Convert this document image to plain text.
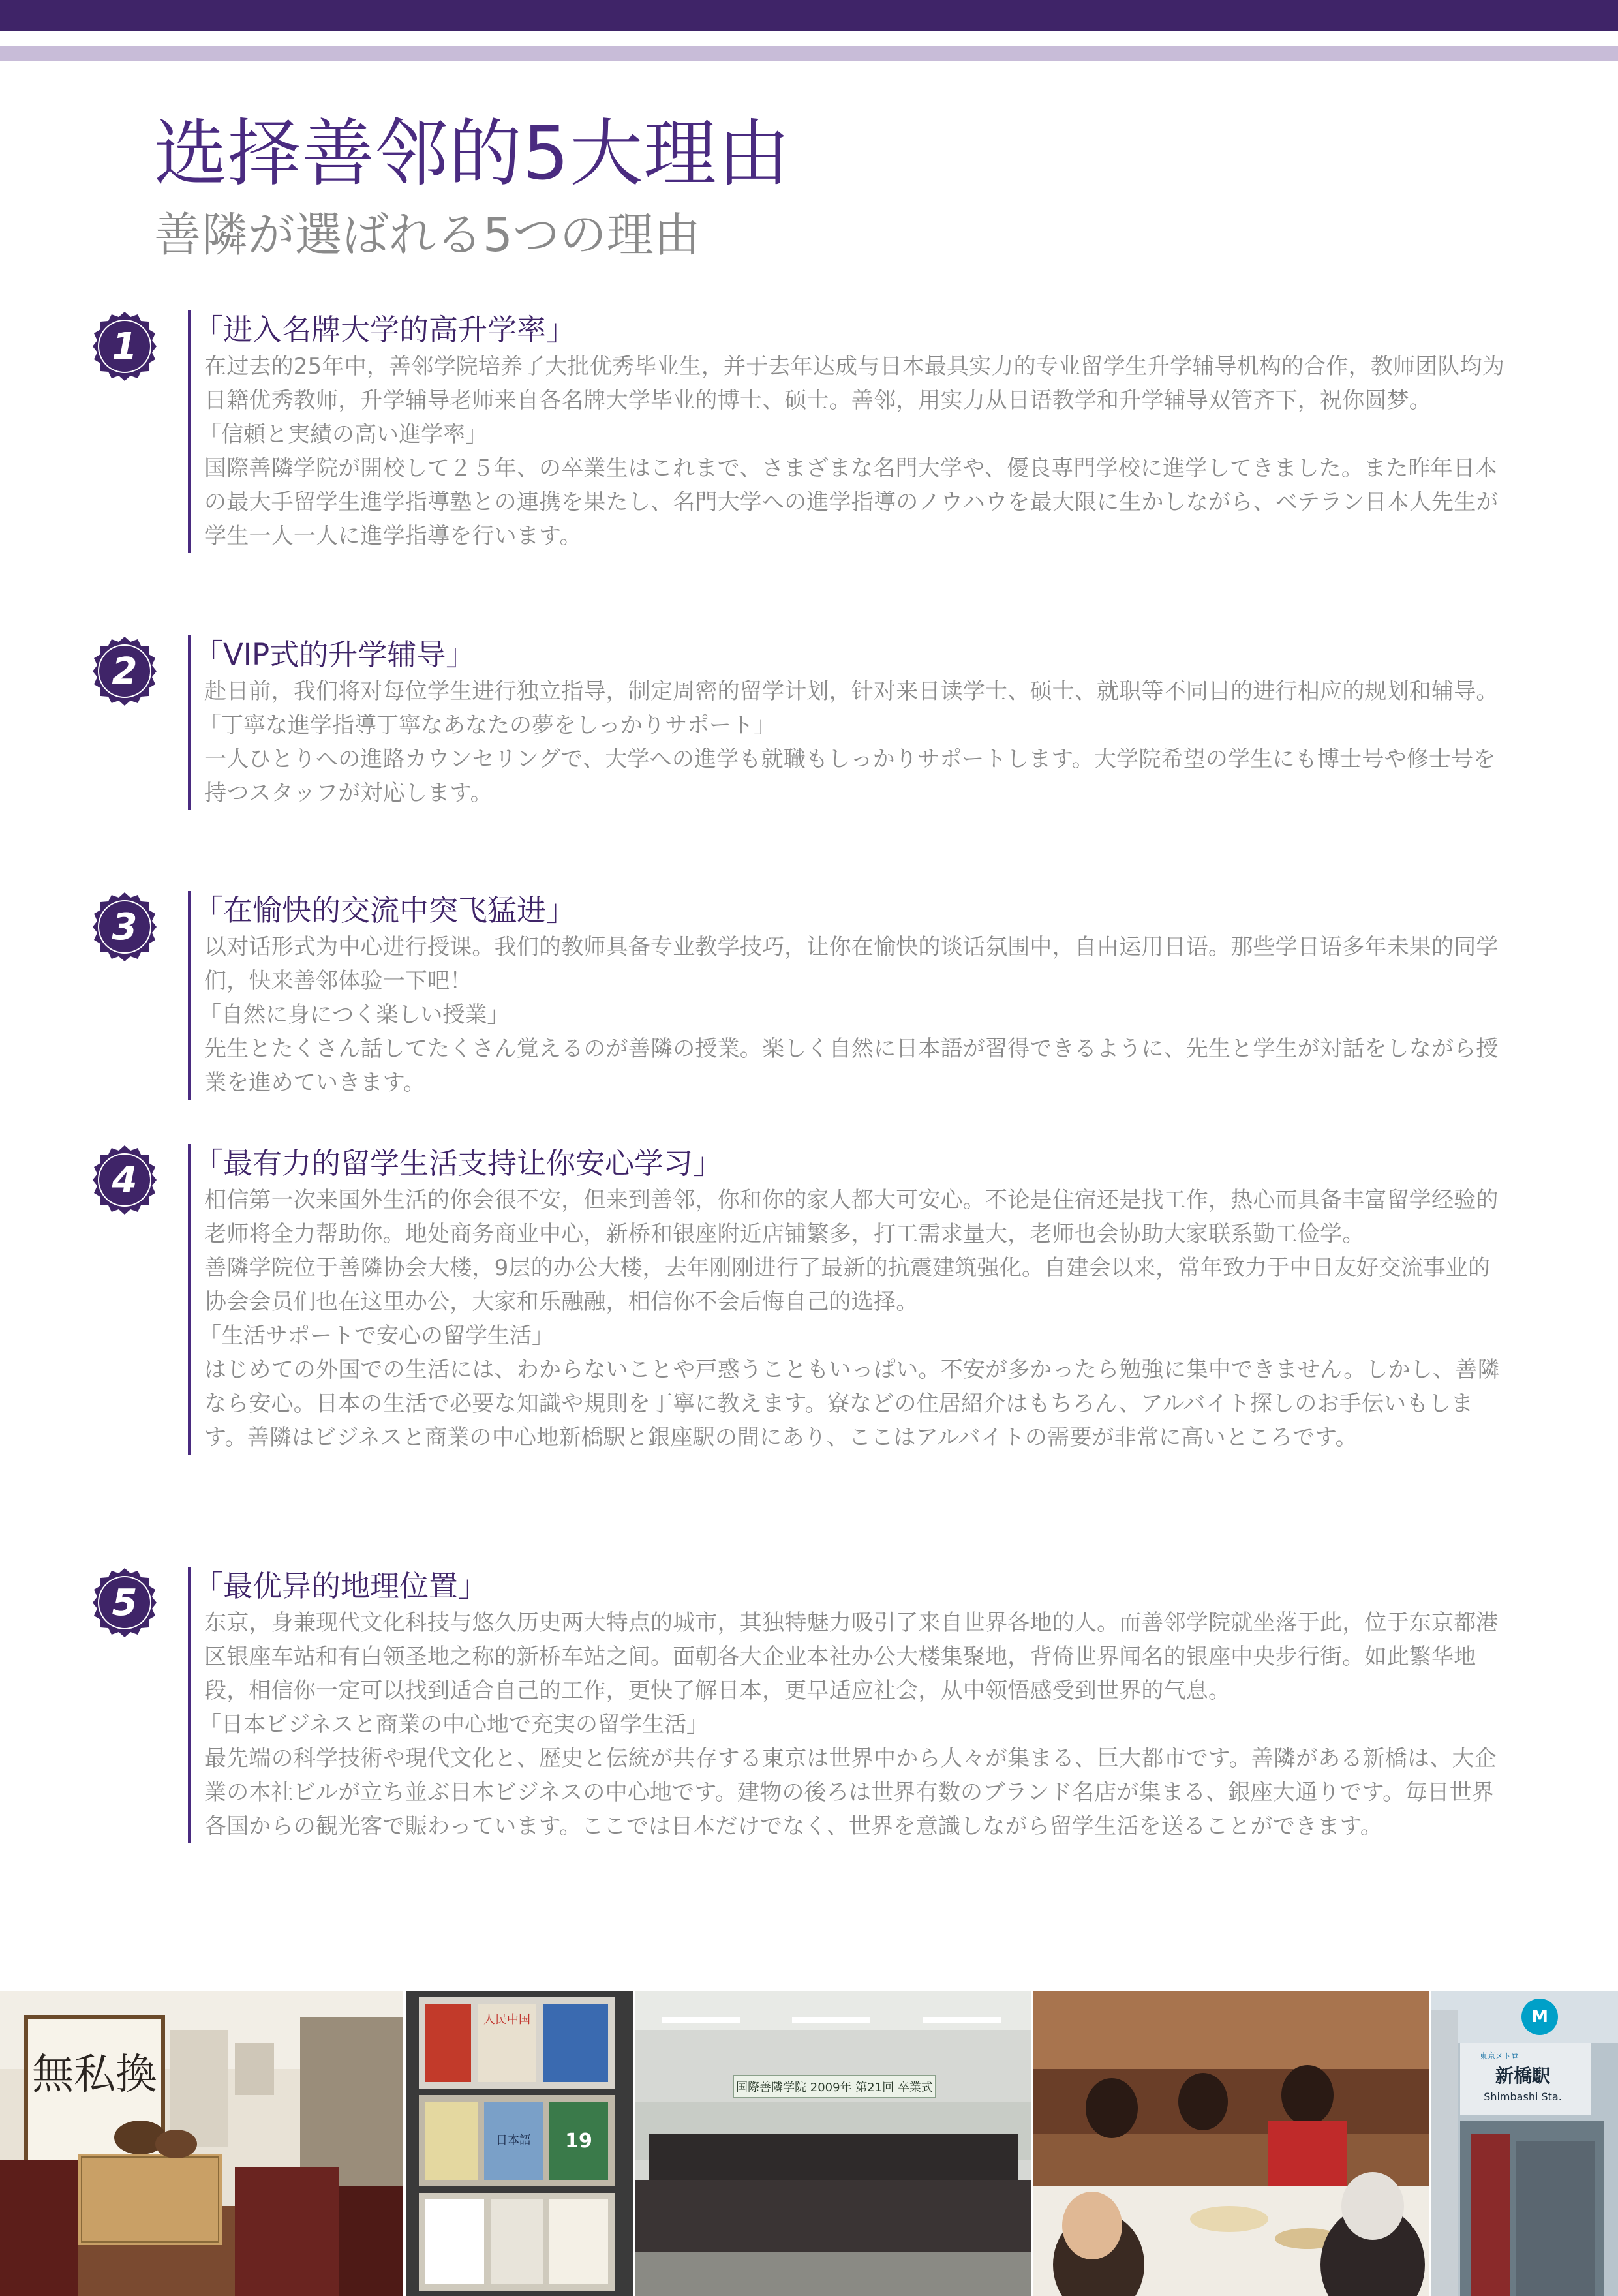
选择善邻的5大理由
善隣が選ばれる5つの理由
1 「进入名牌大学的高升学率」

在过去的25年中，善邻学院培养了大批优秀毕业生，并于去年达成与日本最具实力的专业留学生升学辅导机构的合作，教师团队均为日籍优秀教师，升学辅导老师来自各名牌大学毕业的博士、硕士。善邻，用实力从日语教学和升学辅导双管齐下，祝你圆梦。

「信頼と実績の高い進学率」

国際善隣学院が開校して２５年、の卒業生はこれまで、さまざまな名門大学や、優良専門学校に進学してきました。また昨年日本の最大手留学生進学指導塾との連携を果たし、名門大学への進学指導のノウハウを最大限に生かしながら、ベテラン日本人先生が学生一人一人に進学指導を行います。

2 「VIP式的升学辅导」

赴日前，我们将对每位学生进行独立指导，制定周密的留学计划，针对来日读学士、硕士、就职等不同目的进行相应的规划和辅导。

「丁寧な進学指導丁寧なあなたの夢をしっかりサポート」

一人ひとりへの進路カウンセリングで、大学への進学も就職もしっかりサポートします。大学院希望の学生にも博士号や修士号を持つスタッフが対応します。

3 「在愉快的交流中突飞猛进」

以对话形式为中心进行授课。我们的教师具备专业教学技巧，让你在愉快的谈话氛围中，自由运用日语。那些学日语多年未果的同学们，快来善邻体验一下吧！

「自然に身につく楽しい授業」

先生とたくさん話してたくさん覚えるのが善隣の授業。楽しく自然に日本語が習得できるように、先生と学生が対話をしながら授業を進めていきます。

4 「最有力的留学生活支持让你安心学习」

相信第一次来国外生活的你会很不安，但来到善邻，你和你的家人都大可安心。不论是住宿还是找工作，热心而具备丰富留学经验的老师将全力帮助你。地处商务商业中心，新桥和银座附近店铺繁多，打工需求量大，老师也会协助大家联系勤工俭学。

善隣学院位于善隣协会大楼，9层的办公大楼，去年刚刚进行了最新的抗震建筑强化。自建会以来，常年致力于中日友好交流事业的协会会员们也在这里办公，大家和乐融融，相信你不会后悔自己的选择。

「生活サポートで安心の留学生活」

はじめての外国での生活には、わからないことや戸惑うこともいっぱい。不安が多かったら勉強に集中できません。しかし、善隣なら安心。日本の生活で必要な知識や規則を丁寧に教えます。寮などの住居紹介はもちろん、アルバイト探しのお手伝いもします。善隣はビジネスと商業の中心地新橋駅と銀座駅の間にあり、ここはアルバイトの需要が非常に高いところです。

5 「最优异的地理位置」

东京，身兼现代文化科技与悠久历史两大特点的城市，其独特魅力吸引了来自世界各地的人。而善邻学院就坐落于此，位于东京都港区银座车站和有白领圣地之称的新桥车站之间。面朝各大企业本社办公大楼集聚地，背倚世界闻名的银座中央步行街。如此繁华地段，相信你一定可以找到适合自己的工作，更快了解日本，更早适应社会，从中领悟感受到世界的气息。

「日本ビジネスと商業の中心地で充実の留学生活」

最先端の科学技術や現代文化と、歴史と伝統が共存する東京は世界中から人々が集まる、巨大都市です。善隣がある新橋は、大企業の本社ビルが立ち並ぶ日本ビジネスの中心地です。建物の後ろは世界有数のブランド名店が集まる、銀座大通りです。毎日世界各国からの観光客で賑わっています。ここでは日本だけでなく、世界を意識しながら留学生活を送ることができます。

無私換
人民中国
日本語 19
国際善隣学院 2009年 第21回 卒業式
M
東京メトロ
新橋駅
Shimbashi Sta.
